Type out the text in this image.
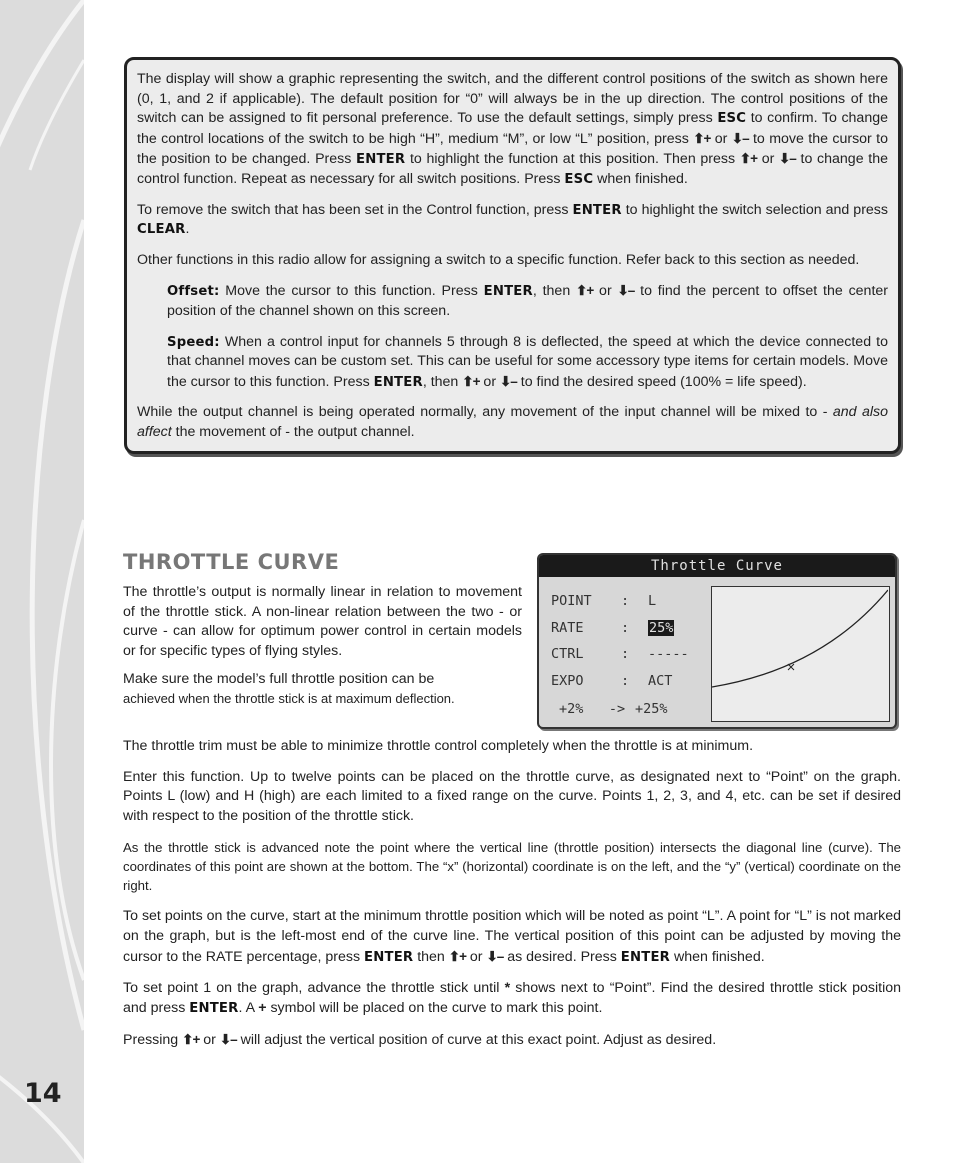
14

The display will show a graphic representing the switch, and the different control positions of the switch as shown here (0, 1, and 2 if applicable). The default position for “0” will always be in the up direction. The control positions of the switch can be assigned to fit personal preference. To use the default settings, simply press ESC to confirm. To change the control locations of the switch to be high “H”, medium “M”, or low “L” position, press ⬆+ or ⬇– to move the cursor to the position to be changed. Press ENTER to highlight the function at this position. Then press ⬆+ or ⬇– to change the control function. Repeat as necessary for all switch positions. Press ESC when finished.

To remove the switch that has been set in the Control function, press ENTER to highlight the switch selection and press CLEAR.

Other functions in this radio allow for assigning a switch to a specific function. Refer back to this section as needed.

Offset: Move the cursor to this function. Press ENTER, then ⬆+ or ⬇– to find the percent to offset the center position of the channel shown on this screen.

Speed: When a control input for channels 5 through 8 is deflected, the speed at which the device connected to that channel moves can be custom set. This can be useful for some accessory type items for certain models. Move the cursor to this function. Press ENTER, then ⬆+ or ⬇– to find the desired speed (100% = life speed).

While the output channel is being operated normally, any movement of the input channel will be mixed to - and also affect the movement of - the output channel.

THROTTLE CURVE

The throttle’s output is normally linear in relation to movement of the throttle stick. A non-linear relation between the two - or curve - can allow for optimum power control in certain models or for specific types of flying styles.

Make sure the model’s full throttle position can be

achieved when the throttle stick is at maximum deflection.

Throttle Curve
POINT : L
RATE	: 25%
CTRL	: -----
EXPO	: ACT
+2% -> +25%

The throttle trim must be able to minimize throttle control completely when the throttle is at minimum.

Enter this function. Up to twelve points can be placed on the throttle curve, as designated next to “Point” on the graph. Points L (low) and H (high) are each limited to a fixed range on the curve. Points 1, 2, 3, and 4, etc. can be set if desired with respect to the position of the throttle stick.

As the throttle stick is advanced note the point where the vertical line (throttle position) intersects the diagonal line (curve). The coordinates of this point are shown at the bottom. The “x” (horizontal) coordinate is on the left, and the “y” (vertical) coordinate on the right.

To set points on the curve, start at the minimum throttle position which will be noted as point “L”. A point for “L” is not marked on the graph, but is the left-most end of the curve line. The vertical position of this point can be adjusted by moving the cursor to the RATE percentage, press ENTER then ⬆+ or ⬇– as desired. Press ENTER when finished.

To set point 1 on the graph, advance the throttle stick until * shows next to “Point”. Find the desired throttle stick position and press ENTER. A + symbol will be placed on the curve to mark this point.

Pressing ⬆+ or ⬇– will adjust the vertical position of curve at this exact point. Adjust as desired.
